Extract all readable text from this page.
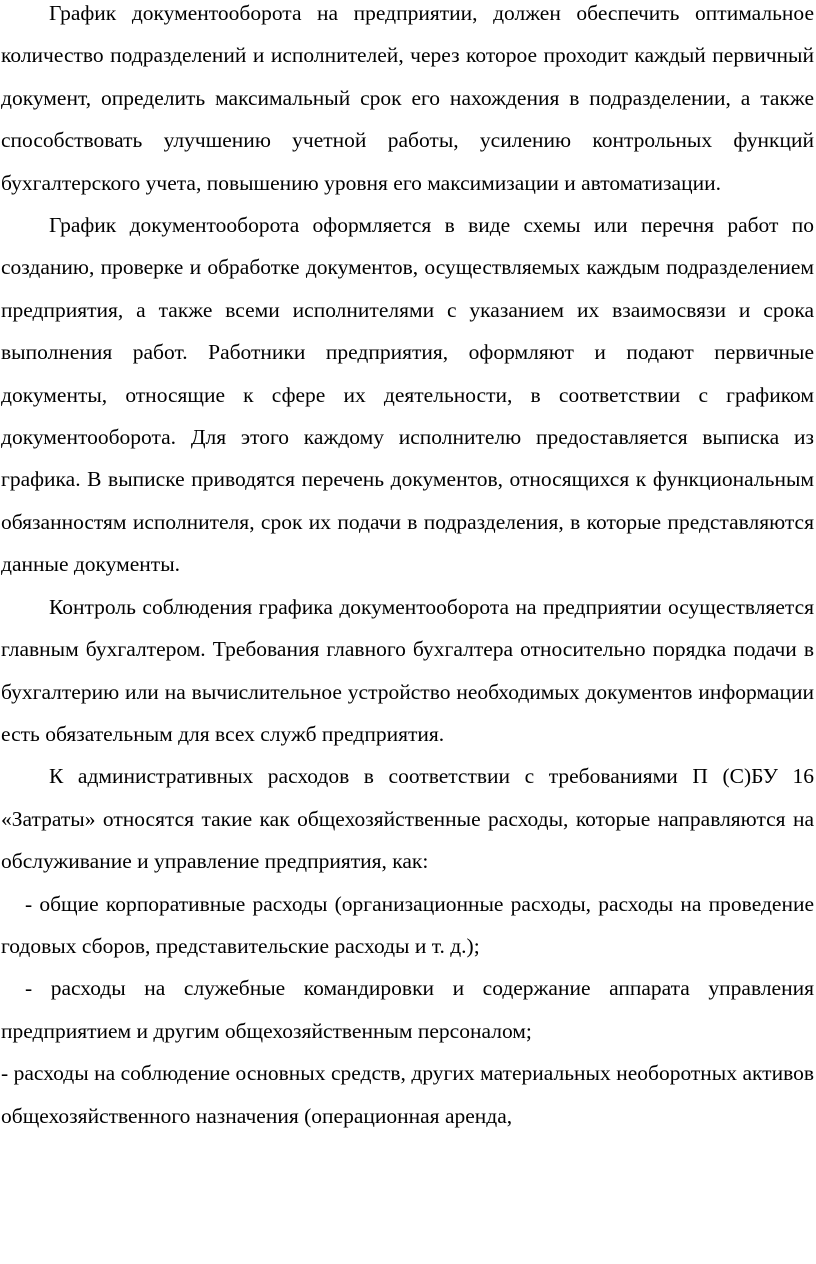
График документооборота на предприятии, должен обеспечить оптимальное количество подразделений и исполнителей, через которое проходит каждый первичный документ, определить максимальный срок его нахождения в подразделении, а также способствовать улучшению учетной работы, усилению контрольных функций бухгалтерского учета, повышению уровня его максимизации и автоматизации.

График документооборота оформляется в виде схемы или перечня работ по созданию, проверке и обработке документов, осуществляемых каждым подразделением предприятия, а также всеми исполнителями с указанием их взаимосвязи и срока выполнения работ. Работники предприятия, оформляют и подают первичные документы, относящие к сфере их деятельности, в соответствии с графиком документооборота. Для этого каждому исполнителю предоставляется выписка из графика. В выписке приводятся перечень документов, относящихся к функциональным обязанностям исполнителя, срок их подачи в подразделения, в которые представляются данные документы.

Контроль соблюдения графика документооборота на предприятии осуществляется главным бухгалтером. Требования главного бухгалтера относительно порядка подачи в бухгалтерию или на вычислительное устройство необходимых документов информации есть обязательным для всех служб предприятия.

К административных расходов в соответствии с требованиями П (С)БУ 16 «Затраты» относятся такие как общехозяйственные расходы, которые направляются на обслуживание и управление предприятия, как:

- общие корпоративные расходы (организационные расходы, расходы на проведение годовых сборов, представительские расходы и т. д.);

- расходы на служебные командировки и содержание аппарата управления предприятием и другим общехозяйственным персоналом;

- расходы на соблюдение основных средств, других материальных необоротных активов общехозяйственного назначения (операционная аренда,
